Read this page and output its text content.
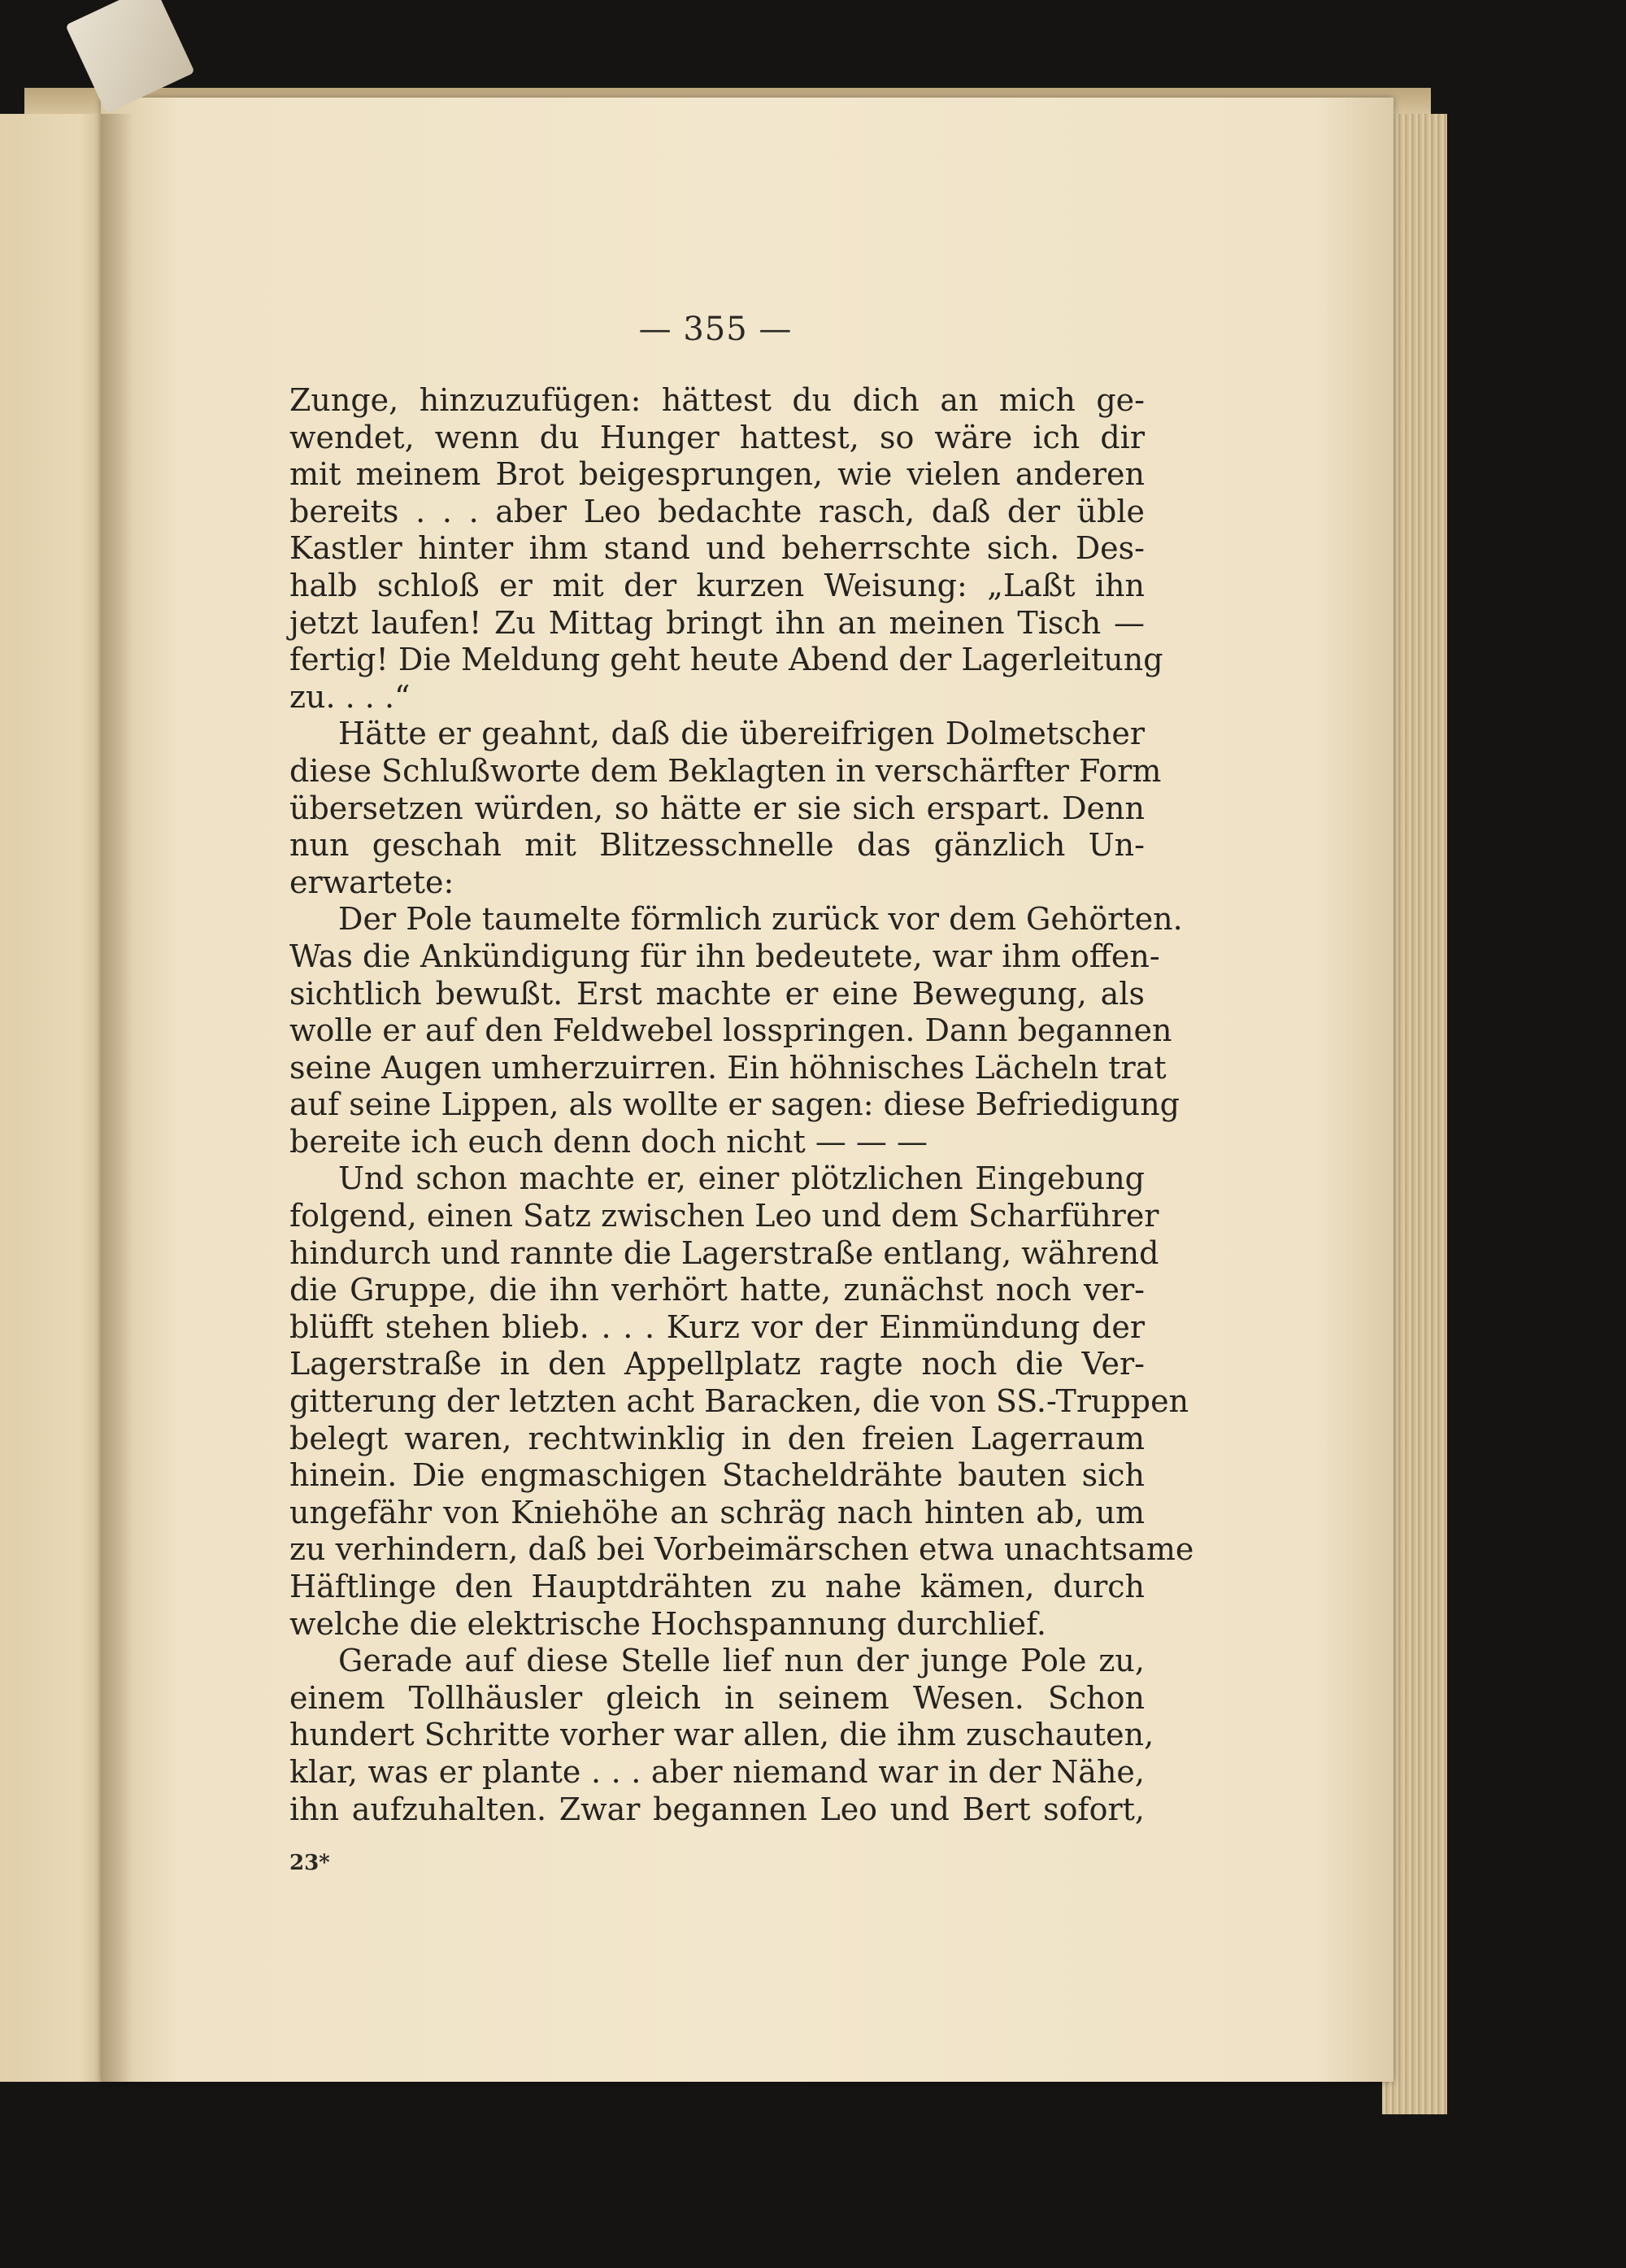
— 355 —
Zunge, hinzuzufügen: hättest du dich an mich ge-
wendet, wenn du Hunger hattest, so wäre ich dir
mit meinem Brot beigesprungen, wie vielen anderen
bereits . . . aber Leo bedachte rasch, daß der üble
Kastler hinter ihm stand und beherrschte sich. Des-
halb schloß er mit der kurzen Weisung: „Laßt ihn
jetzt laufen! Zu Mittag bringt ihn an meinen Tisch —
fertig! Die Meldung geht heute Abend der Lagerleitung
zu. . . .“
Hätte er geahnt, daß die übereifrigen Dolmetscher
diese Schlußworte dem Beklagten in verschärfter Form
übersetzen würden, so hätte er sie sich erspart. Denn
nun geschah mit Blitzesschnelle das gänzlich Un-
erwartete:
Der Pole taumelte förmlich zurück vor dem Gehörten.
Was die Ankündigung für ihn bedeutete, war ihm offen-
sichtlich bewußt. Erst machte er eine Bewegung, als
wolle er auf den Feldwebel losspringen. Dann begannen
seine Augen umherzuirren. Ein höhnisches Lächeln trat
auf seine Lippen, als wollte er sagen: diese Befriedigung
bereite ich euch denn doch nicht — — —
Und schon machte er, einer plötzlichen Eingebung
folgend, einen Satz zwischen Leo und dem Scharführer
hindurch und rannte die Lagerstraße entlang, während
die Gruppe, die ihn verhört hatte, zunächst noch ver-
blüfft stehen blieb. . . . Kurz vor der Einmündung der
Lagerstraße in den Appellplatz ragte noch die Ver-
gitterung der letzten acht Baracken, die von SS.-Truppen
belegt waren, rechtwinklig in den freien Lagerraum
hinein. Die engmaschigen Stacheldrähte bauten sich
ungefähr von Kniehöhe an schräg nach hinten ab, um
zu verhindern, daß bei Vorbeimärschen etwa unachtsame
Häftlinge den Hauptdrähten zu nahe kämen, durch
welche die elektrische Hochspannung durchlief.
Gerade auf diese Stelle lief nun der junge Pole zu,
einem Tollhäusler gleich in seinem Wesen. Schon
hundert Schritte vorher war allen, die ihm zuschauten,
klar, was er plante . . . aber niemand war in der Nähe,
ihn aufzuhalten. Zwar begannen Leo und Bert sofort,
23*
